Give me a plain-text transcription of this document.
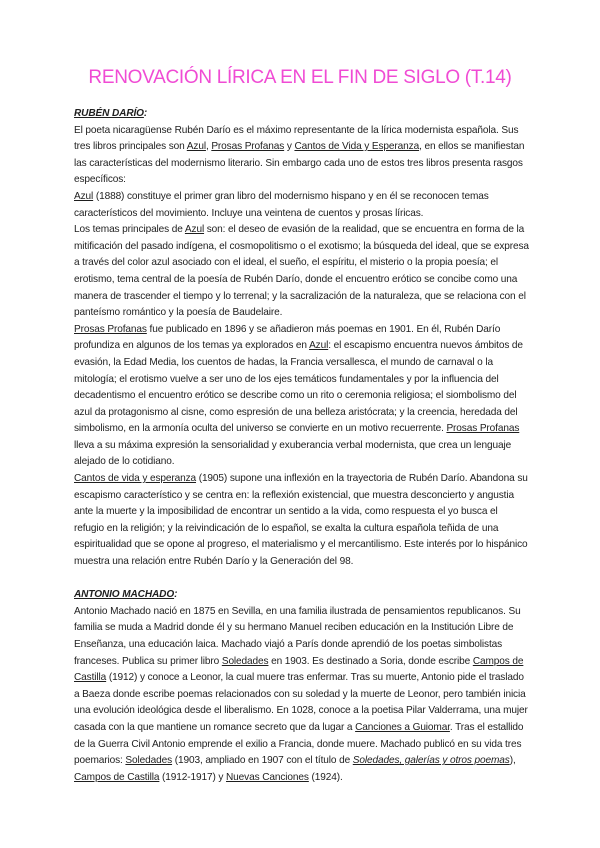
RENOVACIÓN LÍRICA EN EL FIN DE SIGLO (T.14)

RUBÉN DARÍO:

El poeta nicaragüense Rubén Darío es el máximo representante de la lírica modernista española. Sus tres libros principales son Azul, Prosas Profanas y Cantos de Vida y Esperanza, en ellos se manifiestan las características del modernismo literario. Sin embargo cada uno de estos tres libros presenta rasgos específicos:

Azul (1888) constituye el primer gran libro del modernismo hispano y en él se reconocen temas característicos del movimiento. Incluye una veintena de cuentos y prosas líricas.

Los temas principales de Azul son: el deseo de evasión de la realidad, que se encuentra en forma de la mitificación del pasado indígena, el cosmopolitismo o el exotismo; la búsqueda del ideal, que se expresa a través del color azul asociado con el ideal, el sueño, el espíritu, el misterio o la propia poesía; el erotismo, tema central de la poesía de Rubén Darío, donde el encuentro erótico se concibe como una manera de trascender el tiempo y lo terrenal; y la sacralización de la naturaleza, que se relaciona con el panteísmo romántico y la poesía de Baudelaire.

Prosas Profanas fue publicado en 1896 y se añadieron más poemas en 1901. En él, Rubén Darío profundiza en algunos de los temas ya explorados en Azul: el escapismo encuentra nuevos ámbitos de evasión, la Edad Media, los cuentos de hadas, la Francia versallesca, el mundo de carnaval o la mitología; el erotismo vuelve a ser uno de los ejes temáticos fundamentales y por la influencia del decadentismo el encuentro erótico se describe como un rito o ceremonia religiosa; el siombolismo del azul da protagonismo al cisne, como espresión de una belleza aristócrata; y la creencia, heredada del simbolismo, en la armonía oculta del universo se convierte en un motivo recuerrente. Prosas Profanas lleva a su máxima expresión la sensorialidad y exuberancia verbal modernista, que crea un lenguaje alejado de lo cotidiano.

Cantos de vida y esperanza (1905) supone una inflexión en la trayectoria de Rubén Darío. Abandona su escapismo característico y se centra en: la reflexión existencial, que muestra desconcierto y angustia ante la muerte y la imposibilidad de encontrar un sentido a la vida, como respuesta el yo busca el refugio en la religión; y la reivindicación de lo español, se exalta la cultura española teñida de una espiritualidad que se opone al progreso, el materialismo y el mercantilismo. Este interés por lo hispánico muestra una relación entre Rubén Darío y la Generación del 98.

ANTONIO MACHADO:

Antonio Machado nació en 1875 en Sevilla, en una familia ilustrada de pensamientos republicanos. Su familia se muda a Madrid donde él y su hermano Manuel reciben educación en la Institución Libre de Enseñanza, una educación laica. Machado viajó a París donde aprendió de los poetas simbolistas franceses. Publica su primer libro Soledades en 1903. Es destinado a Soria, donde escribe Campos de Castilla (1912) y conoce a Leonor, la cual muere tras enfermar. Tras su muerte, Antonio pide el traslado a Baeza donde escribe poemas relacionados con su soledad y la muerte de Leonor, pero también inicia una evolución ideológica desde el liberalismo. En 1028, conoce a la poetisa Pilar Valderrama, una mujer casada con la que mantiene un romance secreto que da lugar a Canciones a Guiomar. Tras el estallido de la Guerra Civil Antonio emprende el exilio a Francia, donde muere. Machado publicó en su vida tres poemarios: Soledades (1903, ampliado en 1907 con el título de Soledades, galerías y otros poemas), Campos de Castilla (1912-1917) y Nuevas Canciones (1924).
